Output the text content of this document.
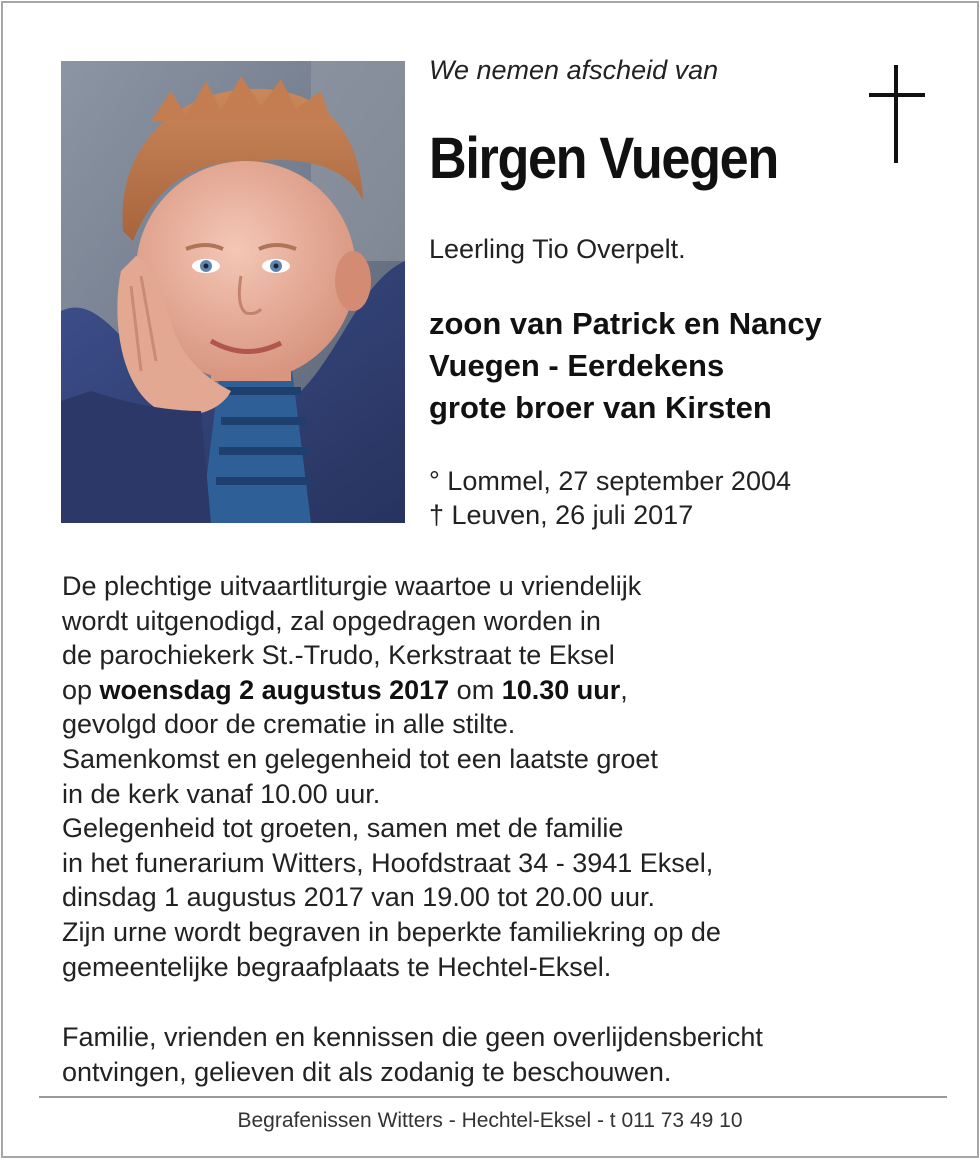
We nemen afscheid van
Birgen Vuegen
Leerling Tio Overpelt.
zoon van Patrick en Nancy
Vuegen - Eerdekens
grote broer van Kirsten
° Lommel, 27 september 2004
† Leuven, 26 juli 2017
De plechtige uitvaartliturgie waartoe u vriendelijk
wordt uitgenodigd, zal opgedragen worden in
de parochiekerk St.-Trudo, Kerkstraat te Eksel
op woensdag 2 augustus 2017 om 10.30 uur,
gevolgd door de crematie in alle stilte.
Samenkomst en gelegenheid tot een laatste groet
in de kerk vanaf 10.00 uur.
Gelegenheid tot groeten, samen met de familie
in het funerarium Witters, Hoofdstraat 34 - 3941 Eksel,
dinsdag 1 augustus 2017 van 19.00 tot 20.00 uur.
Zijn urne wordt begraven in beperkte familiekring op de
gemeentelijke begraafplaats te Hechtel-Eksel.
Familie, vrienden en kennissen die geen overlijdensbericht
ontvingen, gelieven dit als zodanig te beschouwen.
Begrafenissen Witters - Hechtel-Eksel - t 011 73 49 10
